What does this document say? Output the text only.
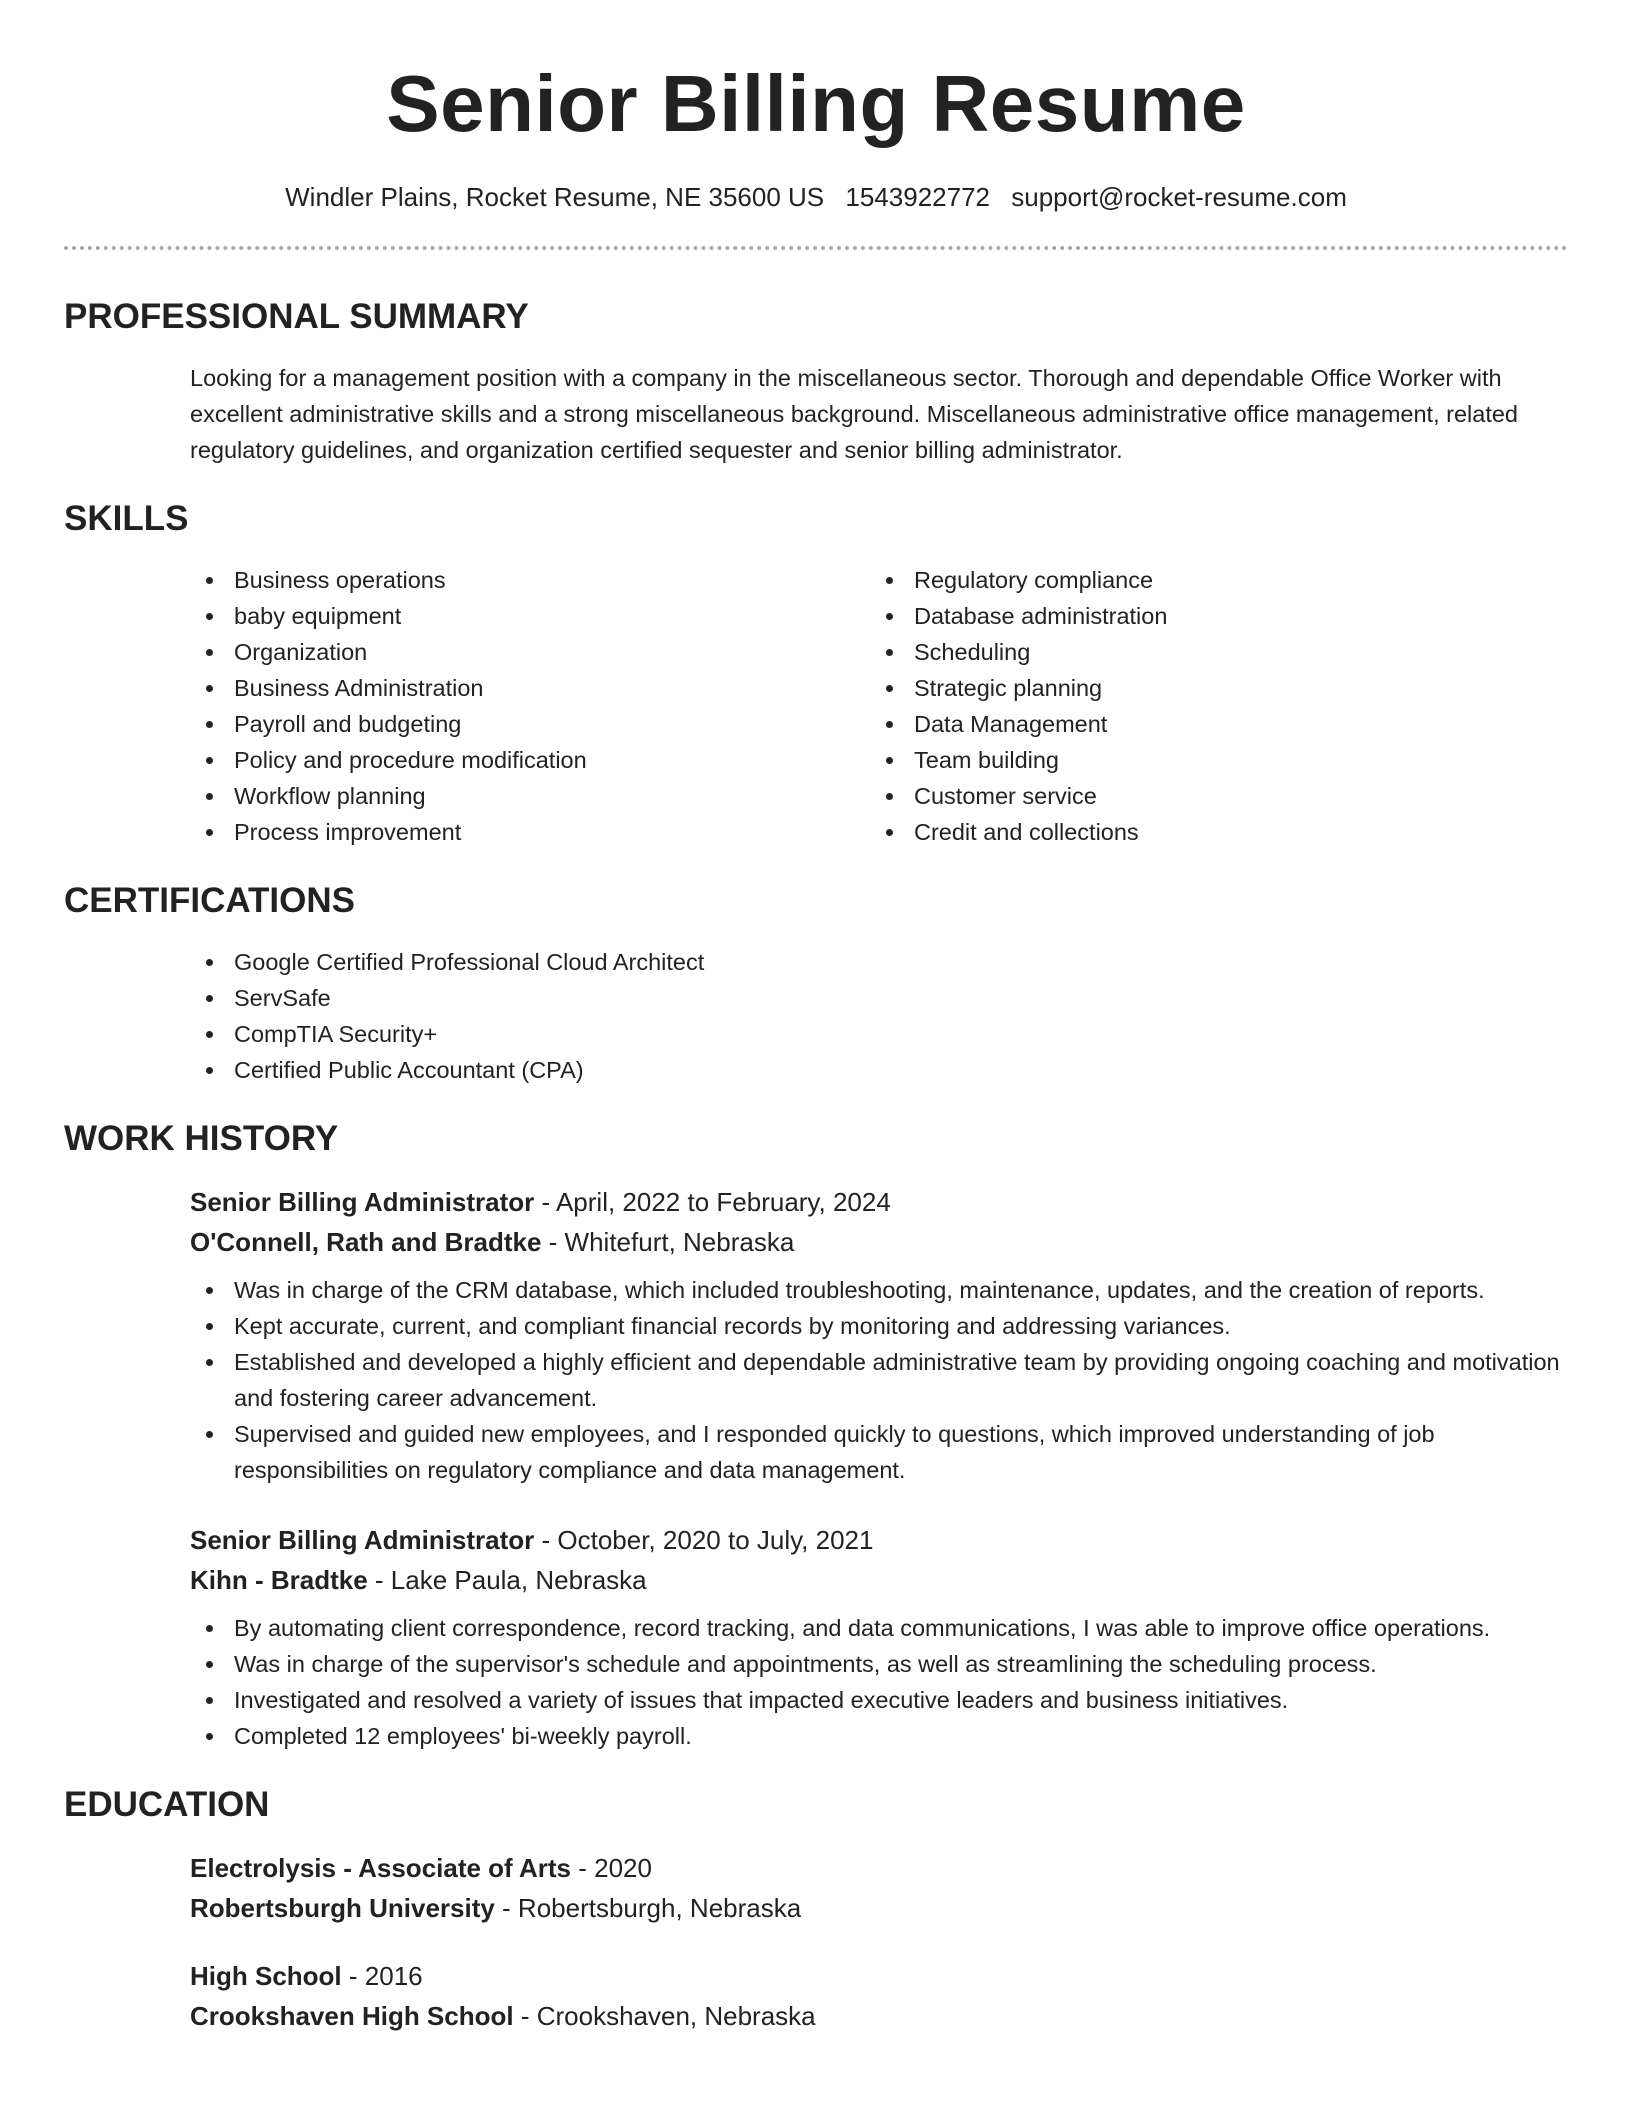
Senior Billing Resume
Windler Plains, Rocket Resume, NE 35600 US 1543922772 support@rocket-resume.com
PROFESSIONAL SUMMARY

Looking for a management position with a company in the miscellaneous sector. Thorough and dependable Office Worker with excellent administrative skills and a strong miscellaneous background. Miscellaneous administrative office management, related regulatory guidelines, and organization certified sequester and senior billing administrator.

SKILLS
Business operations
baby equipment
Organization
Business Administration
Payroll and budgeting
Policy and procedure modification
Workflow planning
Process improvement
Regulatory compliance
Database administration
Scheduling
Strategic planning
Data Management
Team building
Customer service
Credit and collections
CERTIFICATIONS
Google Certified Professional Cloud Architect
ServSafe
CompTIA Security+
Certified Public Accountant (CPA)
WORK HISTORY
Senior Billing Administrator - April, 2022 to February, 2024
O'Connell, Rath and Bradtke - Whitefurt, Nebraska
Was in charge of the CRM database, which included troubleshooting, maintenance, updates, and the creation of reports.
Kept accurate, current, and compliant financial records by monitoring and addressing variances.
Established and developed a highly efficient and dependable administrative team by providing ongoing coaching and motivation and fostering career advancement.
Supervised and guided new employees, and I responded quickly to questions, which improved understanding of job responsibilities on regulatory compliance and data management.
Senior Billing Administrator - October, 2020 to July, 2021
Kihn - Bradtke - Lake Paula, Nebraska
By automating client correspondence, record tracking, and data communications, I was able to improve office operations.
Was in charge of the supervisor's schedule and appointments, as well as streamlining the scheduling process.
Investigated and resolved a variety of issues that impacted executive leaders and business initiatives.
Completed 12 employees' bi-weekly payroll.
EDUCATION
Electrolysis - Associate of Arts - 2020
Robertsburgh University - Robertsburgh, Nebraska
High School - 2016
Crookshaven High School - Crookshaven, Nebraska
